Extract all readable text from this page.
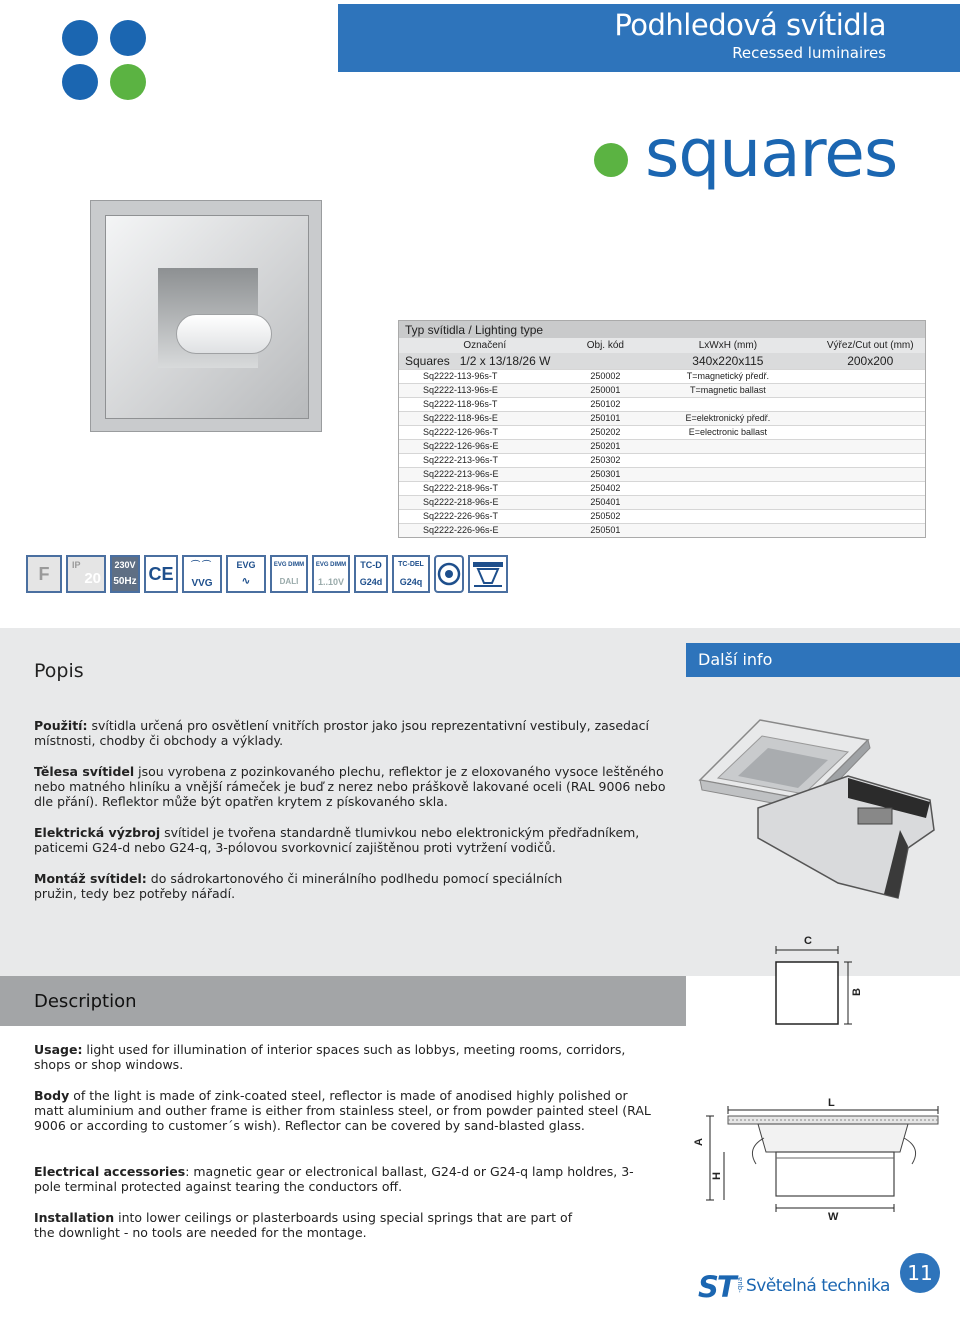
Podhledová svítidla
Recessed luminaires
squares
Typ svítidla / Lighting type
Označení	Obj. kód	LxWxH (mm)	Výřez/Cut out (mm)
Squares   1/2 x 13/18/26 W		340x220x115	200x200
Sq2222-113-96s-T	250002	T=magnetický předř.	
Sq2222-113-96s-E	250001	T=magnetic ballast	
Sq2222-118-96s-T	250102		
Sq2222-118-96s-E	250101	E=elektronický předř.	
Sq2222-126-96s-T	250202	E=electronic ballast	
Sq2222-126-96s-E	250201		
Sq2222-213-96s-T	250302		
Sq2222-213-96s-E	250301		
Sq2222-218-96s-T	250402		
Sq2222-218-96s-E	250401		
Sq2222-226-96s-T	250502		
Sq2222-226-96s-E	250501		
F	IP
20
230V
50Hz CE	⌒⌒
VVG
EVG
∿
EVG DIMM
DALI
EVG DIMM
1..10V
TC-D
G24d
TC-DEL
G24q
Popis
Další info
Použití: svítidla určená pro osvětlení vnitřích prostor jako jsou reprezentativní vestibuly, zasedací místnosti, chodby či obchody a výklady.
Tělesa svítidel jsou vyrobena z pozinkovaného plechu, reflektor je z eloxovaného vysoce leštěného nebo matného hliníku a vnější rámeček je buď z nerez nebo práškově lakované oceli (RAL 9006 nebo dle přání). Reflektor může být opatřen krytem z pískovaného skla.
Elektrická výzbroj svítidel je tvořena standardně tlumivkou nebo elektronickým předřadníkem, paticemi G24-d nebo G24-q, 3-pólovou svorkovnicí zajištěnou proti vytržení vodičů.
Montáž svítidel: do sádrokartonového či minerálního podlhedu pomocí speciálních pružin, tedy bez potřeby nářadí.
Description
Usage: light used for illumination of interior spaces such as lobbys, meeting rooms, corridors, shops or shop windows.
Body of the light is made of zink-coated steel, reflector is made of anodised highly polished or matt aluminium and outher frame is either from stainless steel, or from powder painted steel (RAL 9006 or according to customer´s wish). Reflector can be covered by sand-blasted glass.
Electrical accessories: magnetic gear or electronical ballast, G24-d or G24-q lamp holdres, 3-pole terminal protected against tearing the conductors off.
Installation into lower ceilings or plasterboards using special springs that are part of the downlight - no tools are needed for the montage.
C
B
L
A
H
W
ST -qua Světelná technika
11
